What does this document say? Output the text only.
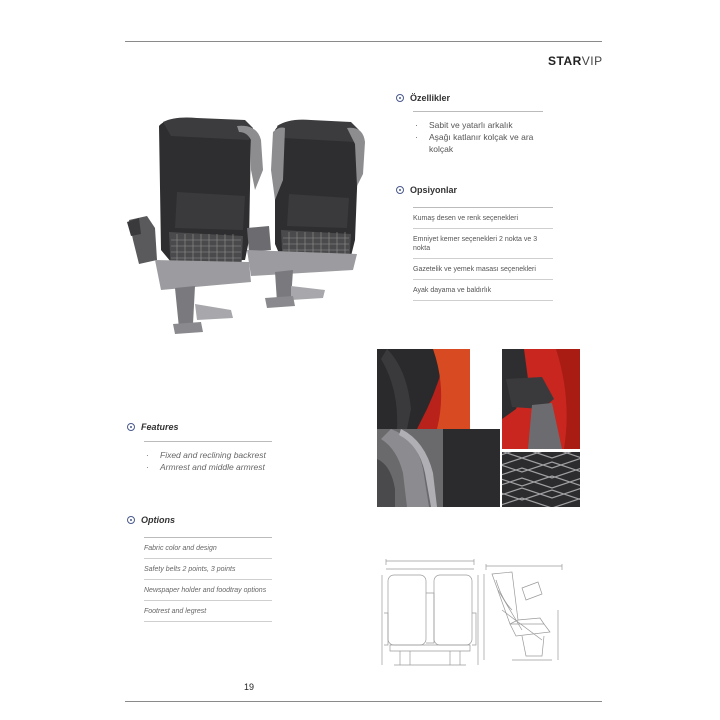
STARVIP
Özellikler
· Sabit ve yatarlı arkalık
· Aşağı katlanır kolçak ve ara kolçak
Opsiyonlar
Kumaş desen ve renk seçenekleri
Emniyet kemer seçenekleri 2 nokta ve 3 nokta
Gazetelik ve yemek masası seçenekleri
Ayak dayama ve baldırlık
Features
· Fixed and reclining backrest
· Armrest and middle armrest
Options
Fabric color and design
Safety belts 2 points, 3 points
Newspaper holder and foodtray options
Footrest and legrest
19
